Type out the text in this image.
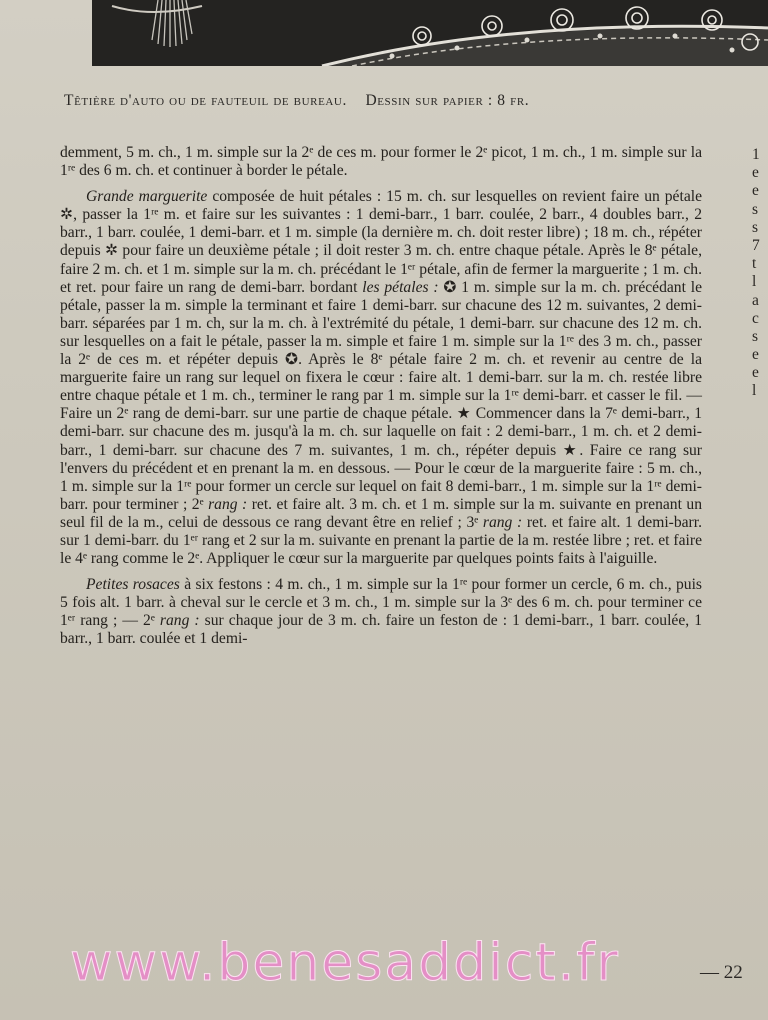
Têtière d'auto ou de fauteuil de bureau. Dessin sur papier : 8 fr.

demment, 5 m. ch., 1 m. simple sur la 2ᵉ de ces m. pour former le 2ᵉ picot, 1 m. ch., 1 m. simple sur la 1ʳᵉ des 6 m. ch. et continuer à border le pétale.

Grande marguerite composée de huit pétales : 15 m. ch. sur lesquelles on revient faire un pétale ✲, passer la 1ʳᵉ m. et faire sur les suivantes : 1 demi-barr., 1 barr. coulée, 2 barr., 4 doubles barr., 2 barr., 1 barr. coulée, 1 demi-barr. et 1 m. simple (la dernière m. ch. doit rester libre) ; 18 m. ch., répéter depuis ✲ pour faire un deuxième pétale ; il doit rester 3 m. ch. entre chaque pétale. Après le 8ᵉ pétale, faire 2 m. ch. et 1 m. simple sur la m. ch. précédant le 1ᵉʳ pétale, afin de fermer la marguerite ; 1 m. ch. et ret. pour faire un rang de demi-barr. bordant les pétales : ✪ 1 m. simple sur la m. ch. précédant le pétale, passer la m. simple la terminant et faire 1 demi-barr. sur chacune des 12 m. suivantes, 2 demi-barr. séparées par 1 m. ch, sur la m. ch. à l'extrémité du pétale, 1 demi-barr. sur chacune des 12 m. ch. sur lesquelles on a fait le pétale, passer la m. simple et faire 1 m. simple sur la 1ʳᵉ des 3 m. ch., passer la 2ᵉ de ces m. et répéter depuis ✪. Après le 8ᵉ pétale faire 2 m. ch. et revenir au centre de la marguerite faire un rang sur lequel on fixera le cœur : faire alt. 1 demi-barr. sur la m. ch. restée libre entre chaque pétale et 1 m. ch., terminer le rang par 1 m. simple sur la 1ʳᵉ demi-barr. et casser le fil. — Faire un 2ᵉ rang de demi-barr. sur une partie de chaque pétale. ★ Commencer dans la 7ᵉ demi-barr., 1 demi-barr. sur chacune des m. jusqu'à la m. ch. sur laquelle on fait : 2 demi-barr., 1 m. ch. et 2 demi-barr., 1 demi-barr. sur chacune des 7 m. suivantes, 1 m. ch., répéter depuis ★. Faire ce rang sur l'envers du précédent et en prenant la m. en dessous. — Pour le cœur de la marguerite faire : 5 m. ch., 1 m. simple sur la 1ʳᵉ pour former un cercle sur lequel on fait 8 demi-barr., 1 m. simple sur la 1ʳᵉ demi-barr. pour terminer ; 2ᵉ rang : ret. et faire alt. 3 m. ch. et 1 m. simple sur la m. suivante en prenant un seul fil de la m., celui de dessous ce rang devant être en relief ; 3ᵉ rang : ret. et faire alt. 1 demi-barr. sur 1 demi-barr. du 1ᵉʳ rang et 2 sur la m. suivante en prenant la partie de la m. restée libre ; ret. et faire le 4ᵉ rang comme le 2ᵉ. Appliquer le cœur sur la marguerite par quelques points faits à l'aiguille.

Petites rosaces à six festons : 4 m. ch., 1 m. simple sur la 1ʳᵉ pour former un cercle, 6 m. ch., puis 5 fois alt. 1 barr. à cheval sur le cercle et 3 m. ch., 1 m. simple sur la 3ᵉ des 6 m. ch. pour terminer ce 1ᵉʳ rang ; — 2ᵉ rang : sur chaque jour de 3 m. ch. faire un feston de : 1 demi-barr., 1 barr. coulée, 1 barr., 1 barr. coulée et 1 demi-

1
e
e
s
s
7
t
l
a
c
s
e
e
l
www.benesaddict.fr	— 22
